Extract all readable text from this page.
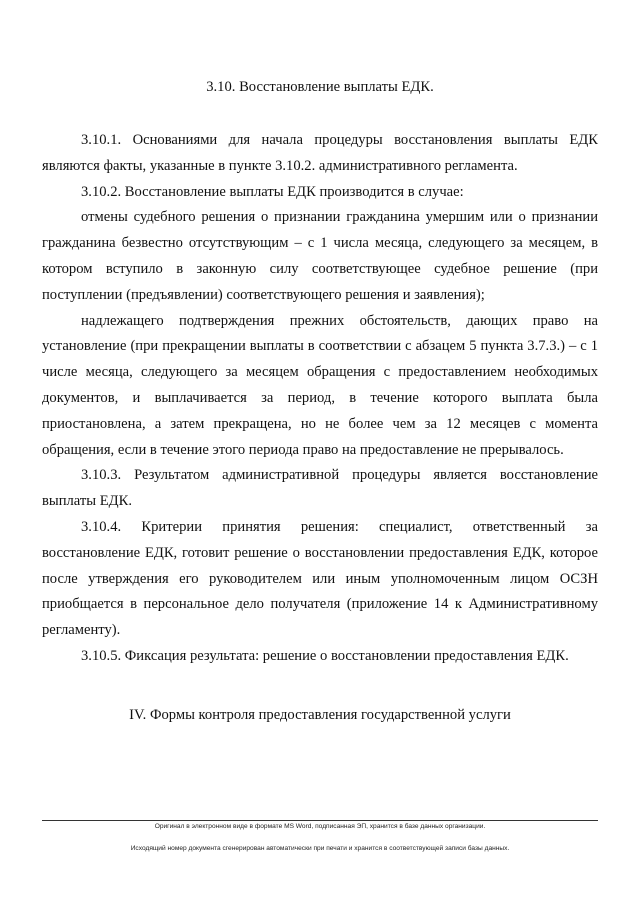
3.10. Восстановление выплаты ЕДК.

3.10.1. Основаниями для начала процедуры восстановления выплаты ЕДК являются факты, указанные в пункте 3.10.2. административного регламента.

3.10.2. Восстановление выплаты ЕДК производится в случае:

отмены судебного решения о признании гражданина умершим или о признании гражданина безвестно отсутствующим – с 1 числа месяца, следующего за месяцем, в котором вступило в законную силу соответствующее судебное решение (при поступлении (предъявлении) соответствующего решения и заявления);

надлежащего подтверждения прежних обстоятельств, дающих право на установление (при прекращении выплаты в соответствии с абзацем 5 пункта 3.7.3.) – с 1 числе месяца, следующего за месяцем обращения с предоставлением необходимых документов, и выплачивается за период, в течение которого выплата была приостановлена, а затем прекращена, но не более чем за 12 месяцев с момента обращения, если в течение этого периода право на предоставление не прерывалось.

3.10.3. Результатом административной процедуры является восстановление выплаты ЕДК.

3.10.4. Критерии принятия решения: специалист, ответственный за восстановление ЕДК, готовит решение о восстановлении предоставления ЕДК, которое после утверждения его руководителем или иным уполномоченным лицом ОСЗН приобщается в персональное дело получателя (приложение 14 к Административному регламенту).

3.10.5. Фиксация результата: решение о восстановлении предоставления ЕДК.

IV. Формы контроля предоставления государственной услуги

Оригинал в электронном виде в формате MS Word, подписанная ЭП, хранится в базе данных организации.

Исходящий номер документа сгенерирован автоматически при печати и хранится в соответствующей записи базы данных.
